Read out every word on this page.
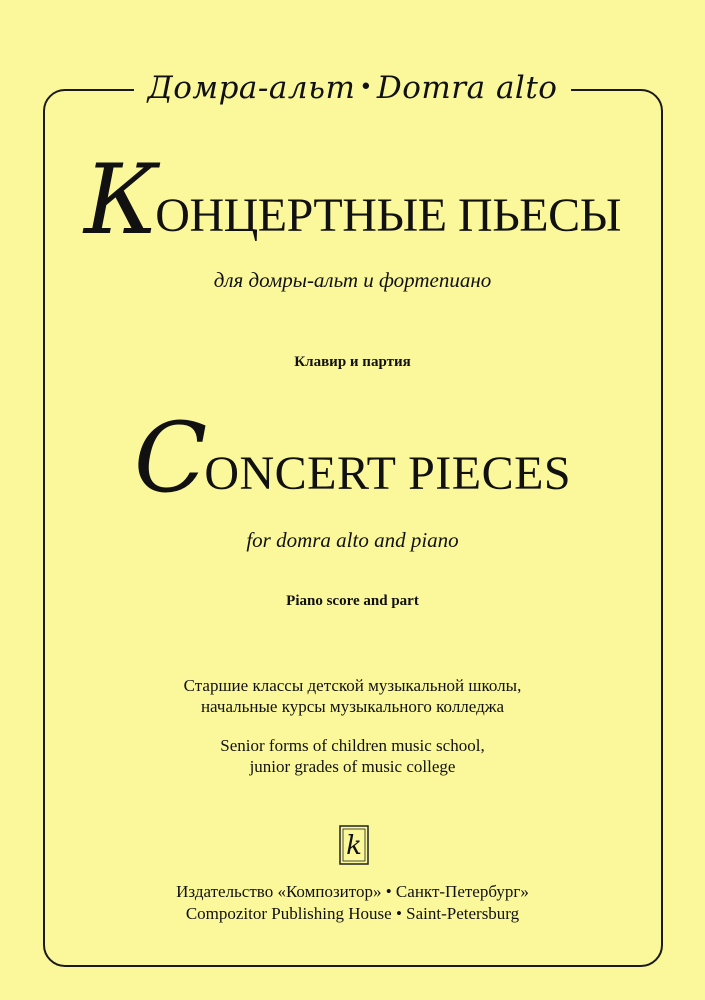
Домра-альт • Domra alto
КОНЦЕРТНЫЕ ПЬЕСЫ
для домры-альт и фортепиано
Клавир и партия
CONCERT PIECES
for domra alto and piano
Piano score and part
Старшие классы детской музыкальной школы,
начальные курсы музыкального колледжа
Senior forms of children music school,
junior grades of music college
k
Издательство «Композитор» • Санкт-Петербург»
Compozitor Publishing House • Saint-Petersburg
